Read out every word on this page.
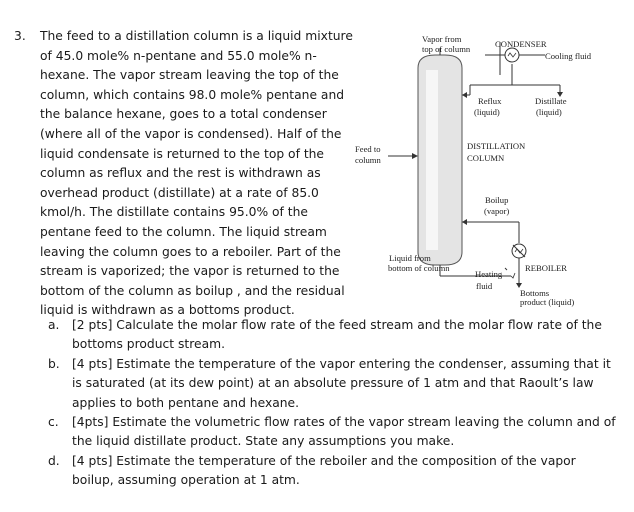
3. The feed to a distillation column is a liquid mixture
of 45.0 mole% n-pentane and 55.0 mole% n-
hexane. The vapor stream leaving the top of the
column, which contains 98.0 mole% pentane and
the balance hexane, goes to a total condenser
(where all of the vapor is condensed). Half of the
liquid condensate is returned to the top of the
column as reflux and the rest is withdrawn as
overhead product (distillate) at a rate of 85.0
kmol/h. The distillate contains 95.0% of the
pentane feed to the column. The liquid stream
leaving the column goes to a reboiler. Part of the
stream is vaporized; the vapor is returned to the
bottom of the column as boilup , and the residual
liquid is withdrawn as a bottoms product.
Vapor from
top of column	CONDENSER
Cooling fluid
Reflux
(liquid)
Distillate
(liquid)
DISTILLATION
COLUMN
Feed to
column
Boilup
(vapor)
Liquid from
bottom of column
Heating
fluid
REBOILER
Bottoms
product (liquid)
a.	[2 pts] Calculate the molar flow rate of the feed stream and the molar flow rate of the bottoms product stream.
b. [4 pts] Estimate the temperature of the vapor entering the condenser, assuming that it is saturated (at its dew point) at an absolute pressure of 1 atm and that Raoult’s law applies to both pentane and hexane.
c.	[4pts] Estimate the volumetric flow rates of the vapor stream leaving the column and of the liquid distillate product. State any assumptions you make.
d. [4 pts] Estimate the temperature of the reboiler and the composition of the vapor boilup, assuming operation at 1 atm.
